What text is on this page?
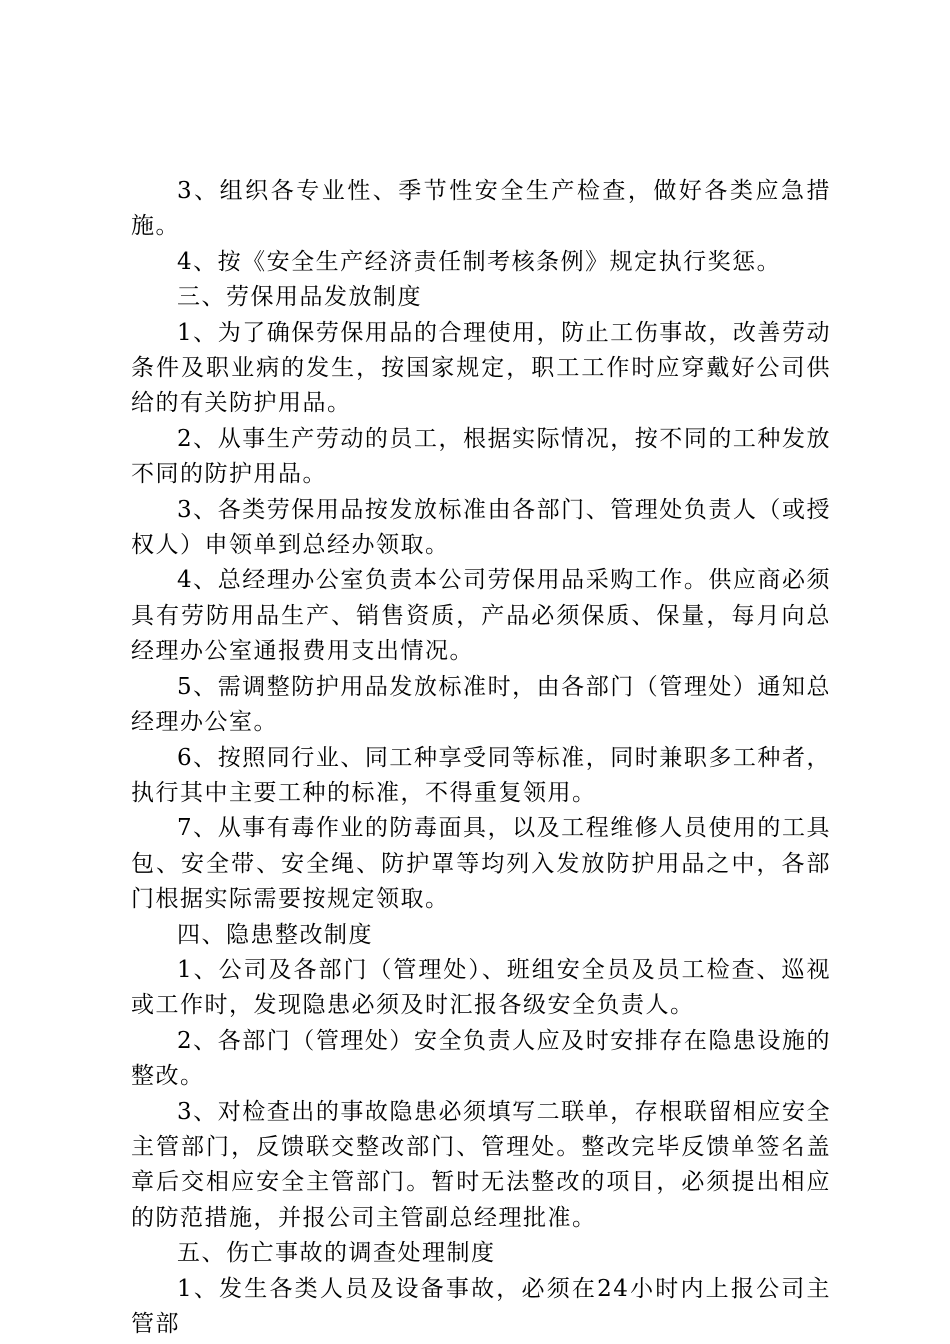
3、组织各专业性、季节性安全生产检查，做好各类应急措施。

4、按《安全生产经济责任制考核条例》规定执行奖惩。

三、劳保用品发放制度

1、为了确保劳保用品的合理使用，防止工伤事故，改善劳动条件及职业病的发生，按国家规定，职工工作时应穿戴好公司供给的有关防护用品。

2、从事生产劳动的员工，根据实际情况，按不同的工种发放不同的防护用品。

3、各类劳保用品按发放标准由各部门、管理处负责人（或授权人）申领单到总经办领取。

4、总经理办公室负责本公司劳保用品采购工作。供应商必须具有劳防用品生产、销售资质，产品必须保质、保量，每月向总经理办公室通报费用支出情况。

5、需调整防护用品发放标准时，由各部门（管理处）通知总经理办公室。

6、按照同行业、同工种享受同等标准，同时兼职多工种者，执行其中主要工种的标准，不得重复领用。

7、从事有毒作业的防毒面具，以及工程维修人员使用的工具包、安全带、安全绳、防护罩等均列入发放防护用品之中，各部门根据实际需要按规定领取。

四、隐患整改制度

1、公司及各部门（管理处）、班组安全员及员工检查、巡视或工作时，发现隐患必须及时汇报各级安全负责人。

2、各部门（管理处）安全负责人应及时安排存在隐患设施的整改。

3、对检查出的事故隐患必须填写二联单，存根联留相应安全主管部门，反馈联交整改部门、管理处。整改完毕反馈单签名盖章后交相应安全主管部门。暂时无法整改的项目，必须提出相应的防范措施，并报公司主管副总经理批准。

五、伤亡事故的调查处理制度

1、发生各类人员及设备事故，必须在24小时内上报公司主管部
